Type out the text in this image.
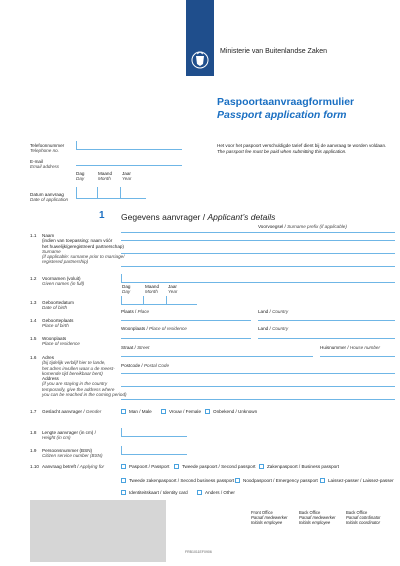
Ministerie van Buitenlandse Zaken
Paspoortaanvraagformulier
Passport application form
Telefoonnummer
Telephone no.
E-mail
Email address
Dag
Day
Maand
Month
Jaar
Year
Datum aanvraag
Date of application
Het voor het paspoort verschuldigde tarief dient bij de aanvraag te worden voldaan.
The passport fee must be paid when submitting this application.
1 Gegevens aanvrager / Applicant’s details
Voorvoegsel / Surname prefix (if applicable)
1.1 Naam
(indien van toepassing: naam vóór
het huwelijk/geregistreerd partnerschap)
Surname
(if applicable: surname prior to marriage/
registered partnership)
1.2 Voornamen (voluit)
Given names (in full)
Dag
Day
Maand
Month
Jaar
Year
1.3 Geboortedatum
Date of birth
Plaats / Place	Land / Country
1.4 Geboorteplaats
Place of birth
Woonplaats / Place of residence	Land / Country
1.5 Woonplaats
Place of residence
Straat / Street	Huisnummer / House number
1.6 Adres
(bij tijdelijk verblijf hier te lande,
het adres invullen waar u de meest-
komende tijd bereikbaar bent)
Address
(if you are staying in the country
temporarily, give the address where
you can be reached in the coming period)
Postcode / Postal Code
1.7 Geslacht aanvrager / Gender	Man / Male	Vrouw / Female	Onbekend / Unknown
1.8 Lengte aanvrager (in cm) /
Height (in cm)
1.9 Persoonsnummer (BSN)
Citizen service number (BSN)
1.10 Aanvraag betreft / Applying for	Paspoort / Passport	Tweede paspoort / Second passport Zakenpaspoort / Business passport
Tweede zakenpaspoort / Second business passport Noodpaspoort / Emergency passport Laissez-passer / Laissez-passer
Identiteitskaart / Identity card	Anders / Other
Front Office
Paraaf medewerker
Initials employee
Back Office
Paraaf medewerker
Initials employee
Back Office
Paraaf coördinator
Initials coordinator
FRB1011EF0906
